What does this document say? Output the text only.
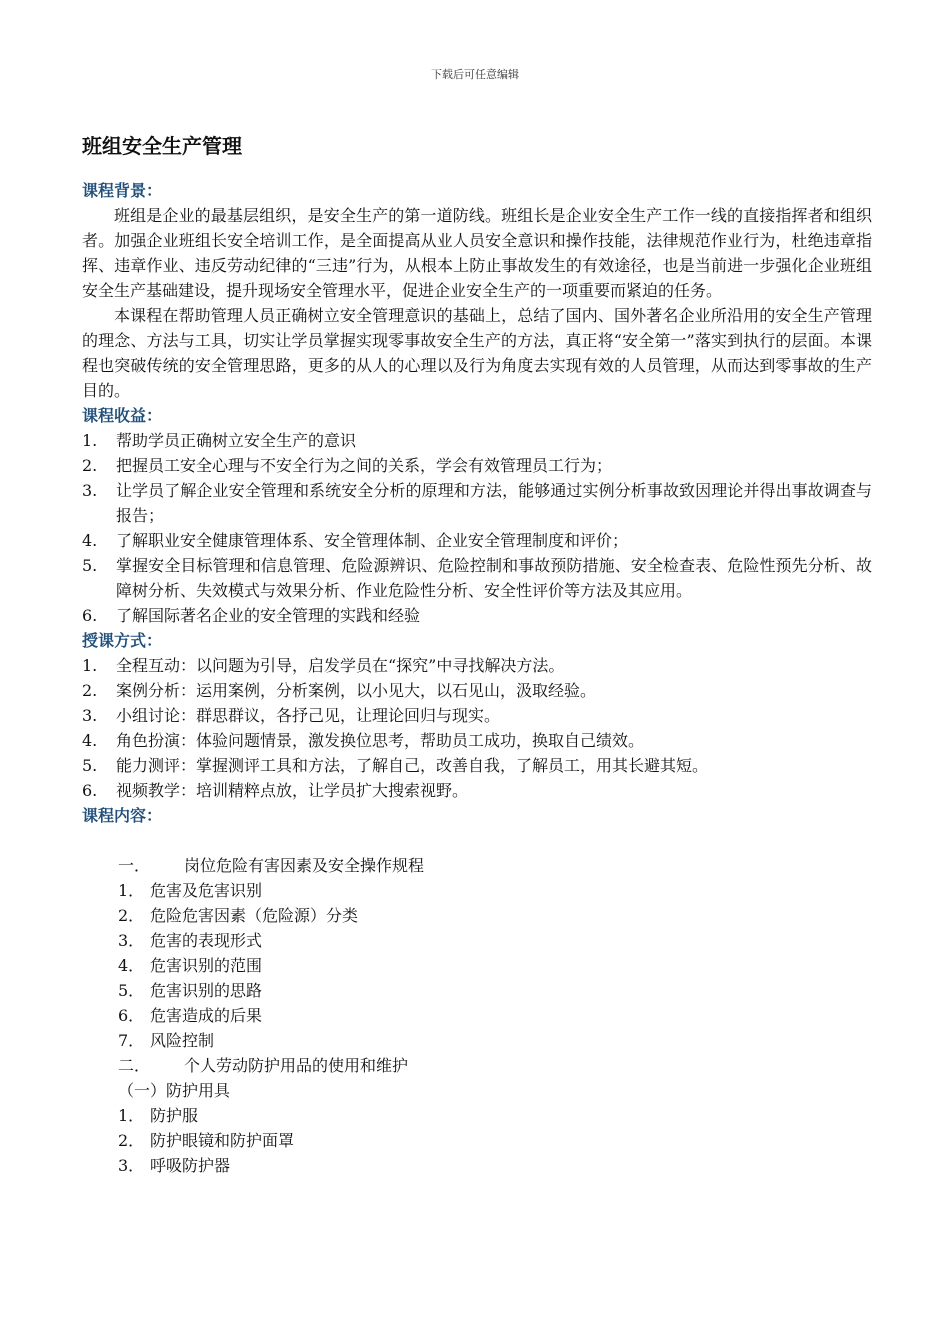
下载后可任意编辑
班组安全生产管理
课程背景：
班组是企业的最基层组织，是安全生产的第一道防线。班组长是企业安全生产工作一线的直接指挥者和组织者。加强企业班组长安全培训工作，是全面提高从业人员安全意识和操作技能，法律规范作业行为，杜绝违章指挥、违章作业、违反劳动纪律的“三违”行为，从根本上防止事故发生的有效途径，也是当前进一步强化企业班组安全生产基础建设，提升现场安全管理水平，促进企业安全生产的一项重要而紧迫的任务。
本课程在帮助管理人员正确树立安全管理意识的基础上，总结了国内、国外著名企业所沿用的安全生产管理的理念、方法与工具，切实让学员掌握实现零事故安全生产的方法，真正将“安全第一”落实到执行的层面。本课程也突破传统的安全管理思路，更多的从人的心理以及行为角度去实现有效的人员管理，从而达到零事故的生产目的。
课程收益：
1. 帮助学员正确树立安全生产的意识
2. 把握员工安全心理与不安全行为之间的关系，学会有效管理员工行为；
3. 让学员了解企业安全管理和系统安全分析的原理和方法，能够通过实例分析事故致因理论并得出事故调查与报告；
4. 了解职业安全健康管理体系、安全管理体制、企业安全管理制度和评价；
5. 掌握安全目标管理和信息管理、危险源辨识、危险控制和事故预防措施、安全检查表、危险性预先分析、故障树分析、失效模式与效果分析、作业危险性分析、安全性评价等方法及其应用。
6. 了解国际著名企业的安全管理的实践和经验
授课方式：
1. 全程互动：以问题为引导，启发学员在“探究”中寻找解决方法。
2. 案例分析：运用案例，分析案例，以小见大，以石见山，汲取经验。
3. 小组讨论：群思群议，各抒己见，让理论回归与现实。
4. 角色扮演：体验问题情景，激发换位思考，帮助员工成功，换取自己绩效。
5. 能力测评：掌握测评工具和方法，了解自己，改善自我，了解员工，用其长避其短。
6. 视频教学：培训精粹点放，让学员扩大搜索视野。
课程内容：
一． 岗位危险有害因素及安全操作规程
1． 危害及危害识别
2． 危险危害因素（危险源）分类
3． 危害的表现形式
4． 危害识别的范围
5． 危害识别的思路
6． 危害造成的后果
7． 风险控制
二． 个人劳动防护用品的使用和维护
（一）防护用具
1． 防护服
2． 防护眼镜和防护面罩
3． 呼吸防护器
